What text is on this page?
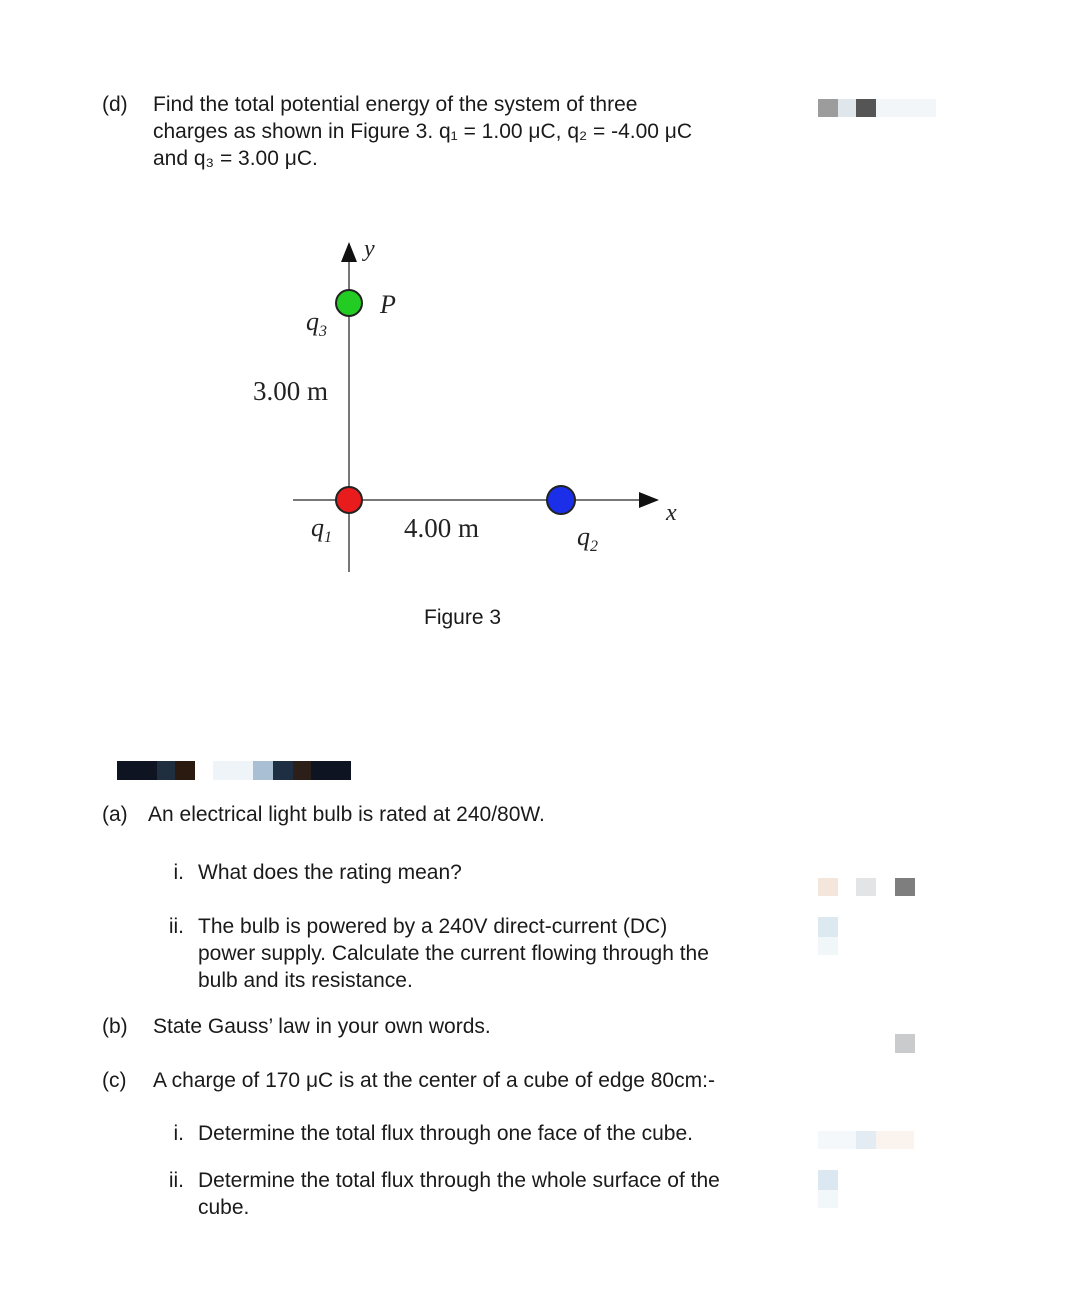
(d) Find the total potential energy of the system of three
charges as shown in Figure 3. q₁ = 1.00 μC, q₂ = -4.00 μC
and q₃ = 3.00 μC.
y
x
P
$q_3$
3.00 m
$q_1$	4.00 m	$q_2$
Figure 3
(a) An electrical light bulb is rated at 240/80W.
i. What does the rating mean?
ii. The bulb is powered by a 240V direct-current (DC)
power supply. Calculate the current flowing through the
bulb and its resistance.
(b) State Gauss’ law in your own words.
(c) A charge of 170 μC is at the center of a cube of edge 80cm:-
i. Determine the total flux through one face of the cube.
ii. Determine the total flux through the whole surface of the
cube.
